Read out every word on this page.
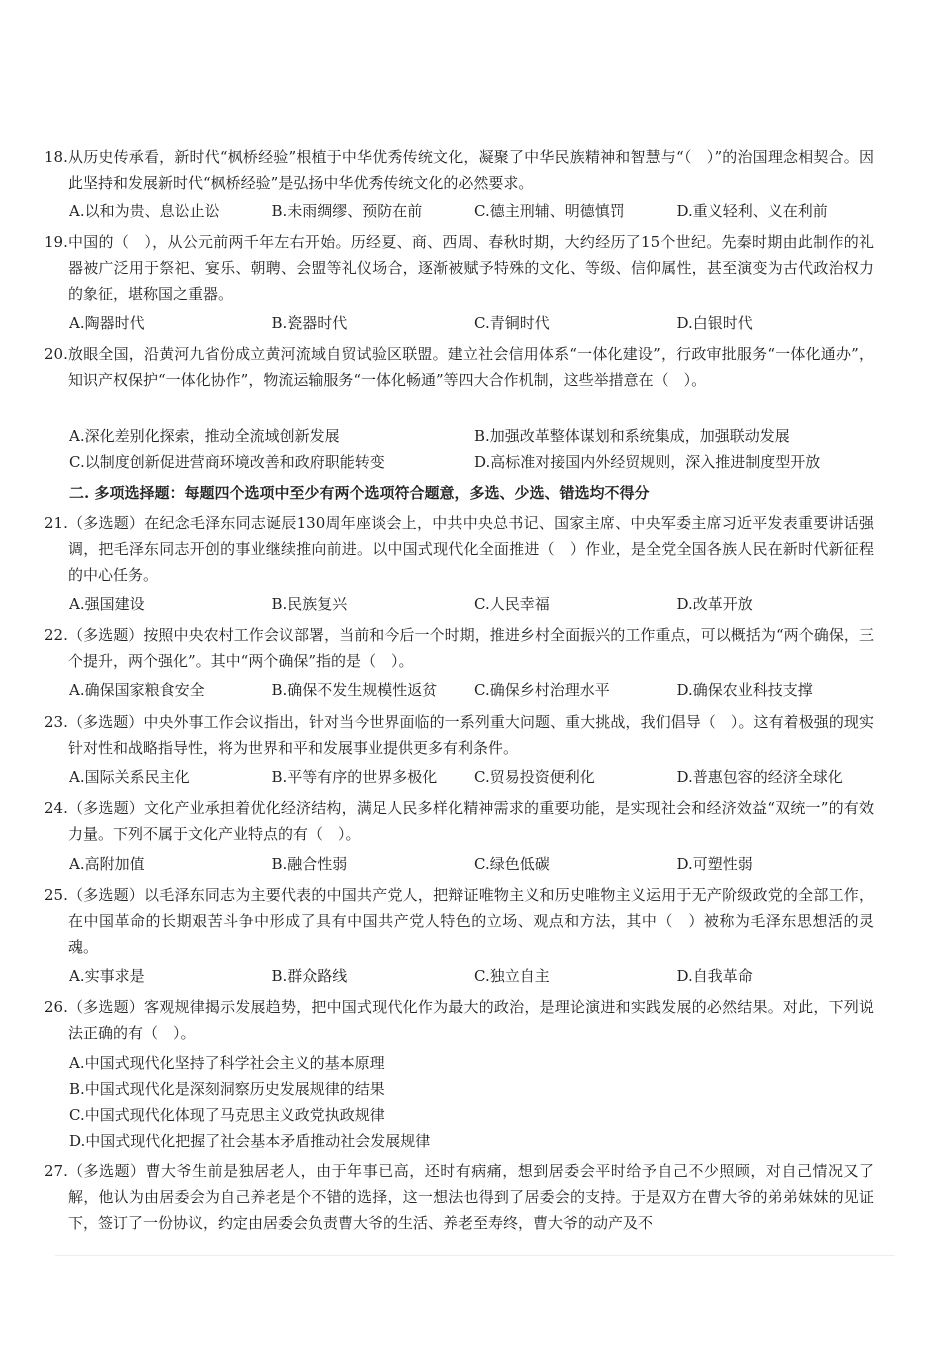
18. 从历史传承看，新时代“枫桥经验”根植于中华优秀传统文化，凝聚了中华民族精神和智慧与“（　）”的治国理念相契合。因此坚持和发展新时代“枫桥经验”是弘扬中华优秀传统文化的必然要求。
A.以和为贵、息讼止讼	B.未雨绸缪、预防在前	C.德主刑辅、明德慎罚	D.重义轻利、义在利前
19. 中国的（　），从公元前两千年左右开始。历经夏、商、西周、春秋时期，大约经历了15个世纪。先秦时期由此制作的礼器被广泛用于祭祀、宴乐、朝聘、会盟等礼仪场合，逐渐被赋予特殊的文化、等级、信仰属性，甚至演变为古代政治权力的象征，堪称国之重器。
A.陶器时代	B.瓷器时代	C.青铜时代	D.白银时代
20. 放眼全国，沿黄河九省份成立黄河流域自贸试验区联盟。建立社会信用体系“一体化建设”，行政审批服务“一体化通办”，知识产权保护“一体化协作”，物流运输服务“一体化畅通”等四大合作机制，这些举措意在（　）。
A.深化差别化探索，推动全流域创新发展	B.加强改革整体谋划和系统集成，加强联动发展
C.以制度创新促进营商环境改善和政府职能转变	D.高标准对接国内外经贸规则，深入推进制度型开放
二. 多项选择题：每题四个选项中至少有两个选项符合题意，多选、少选、错选均不得分
21. （多选题）在纪念毛泽东同志诞辰130周年座谈会上，中共中央总书记、国家主席、中央军委主席习近平发表重要讲话强调，把毛泽东同志开创的事业继续推向前进。以中国式现代化全面推进（　）作业，是全党全国各族人民在新时代新征程的中心任务。
A.强国建设	B.民族复兴	C.人民幸福	D.改革开放
22. （多选题）按照中央农村工作会议部署，当前和今后一个时期，推进乡村全面振兴的工作重点，可以概括为“两个确保，三个提升，两个强化”。其中“两个确保”指的是（　）。
A.确保国家粮食安全	B.确保不发生规模性返贫	C.确保乡村治理水平	D.确保农业科技支撑
23. （多选题）中央外事工作会议指出，针对当今世界面临的一系列重大问题、重大挑战，我们倡导（　）。这有着极强的现实针对性和战略指导性，将为世界和平和发展事业提供更多有利条件。
A.国际关系民主化	B.平等有序的世界多极化	C.贸易投资便利化	D.普惠包容的经济全球化
24. （多选题）文化产业承担着优化经济结构，满足人民多样化精神需求的重要功能，是实现社会和经济效益“双统一”的有效力量。下列不属于文化产业特点的有（　）。
A.高附加值	B.融合性弱	C.绿色低碳	D.可塑性弱
25. （多选题）以毛泽东同志为主要代表的中国共产党人，把辩证唯物主义和历史唯物主义运用于无产阶级政党的全部工作，在中国革命的长期艰苦斗争中形成了具有中国共产党人特色的立场、观点和方法，其中（　）被称为毛泽东思想活的灵魂。
A.实事求是	B.群众路线	C.独立自主	D.自我革命
26. （多选题）客观规律揭示发展趋势，把中国式现代化作为最大的政治，是理论演进和实践发展的必然结果。对此，下列说法正确的有（　）。
A.中国式现代化坚持了科学社会主义的基本原理
B.中国式现代化是深刻洞察历史发展规律的结果
C.中国式现代化体现了马克思主义政党执政规律
D.中国式现代化把握了社会基本矛盾推动社会发展规律
27. （多选题）曹大爷生前是独居老人，由于年事已高，还时有病痛，想到居委会平时给予自己不少照顾，对自己情况又了解，他认为由居委会为自己养老是个不错的选择，这一想法也得到了居委会的支持。于是双方在曹大爷的弟弟妹妹的见证下，签订了一份协议，约定由居委会负责曹大爷的生活、养老至寿终，曹大爷的动产及不
